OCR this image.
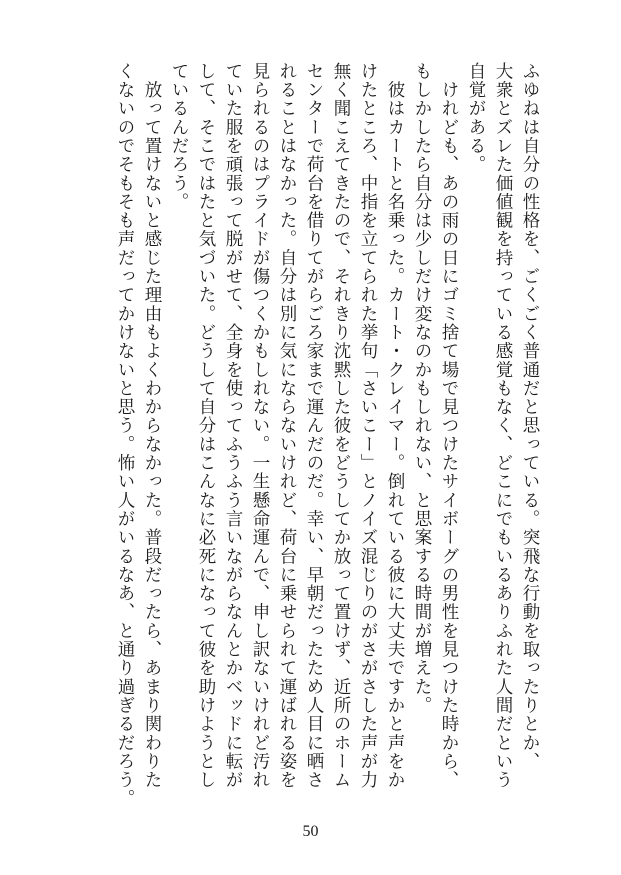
ふゆねは自分の性格を、ごくごく普通だと思っている。突飛な行動を取ったりとか、
大衆とズレた価値観を持っている感覚もなく、どこにでもいるありふれた人間だという
自覚がある。
　けれども、あの雨の日にゴミ捨て場で見つけたサイボーグの男性を見つけた時から、
もしかしたら自分は少しだけ変なのかもしれない、と思案する時間が増えた。
　彼はカートと名乗った。カート・クレイマー。倒れている彼に大丈夫ですかと声をか
けたところ、中指を立てられた挙句「さいこー」とノイズ混じりのがさがさした声が力
無く聞こえてきたので、それきり沈黙した彼をどうしてか放って置けず、近所のホーム
センターで荷台を借りてがらごろ家まで運んだのだ。幸い、早朝だったため人目に晒さ
れることはなかった。自分は別に気にならないけれど、荷台に乗せられて運ばれる姿を
見られるのはプライドが傷つくかもしれない。一生懸命運んで、申し訳ないけれど汚れ
ていた服を頑張って脱がせて、全身を使ってふうふう言いながらなんとかベッドに転が
して、そこではたと気づいた。どうして自分はこんなに必死になって彼を助けようとし
ているんだろう。
　放って置けないと感じた理由もよくわからなかった。普段だったら、あまり関わりた
くないのでそもそも声だってかけないと思う。怖い人がいるなあ、と通り過ぎるだろう。
50
